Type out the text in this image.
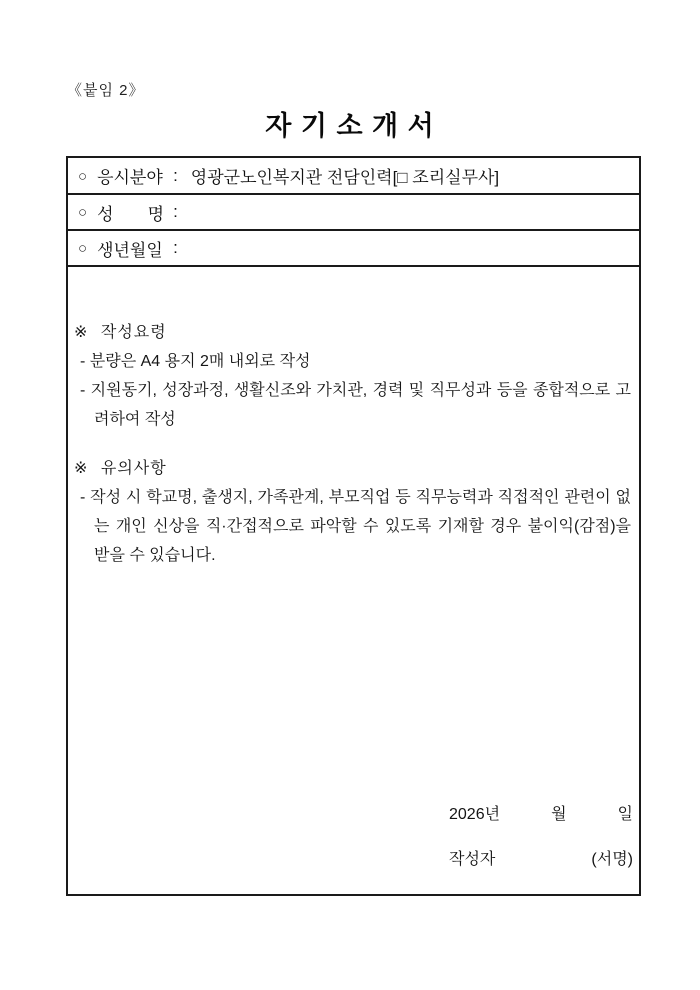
《붙임 2》
자 기 소 개 서
○ 응시분야 : 영광군노인복지관 전담인력[□ 조리실무사]
○ 성 명 :
○ 생년월일 :
※ 작성요령
- 분량은 A4 용지 2매 내외로 작성
- 지원동기, 성장과정, 생활신조와 가치관, 경력 및 직무성과 등을 종합적으로 고려하여 작성
※ 유의사항
- 작성 시 학교명, 출생지, 가족관계, 부모직업 등 직무능력과 직접적인 관련이 없는 개인 신상을 직·간접적으로 파악할 수 있도록 기재할 경우 불이익(감점)을 받을 수 있습니다.
2026년	월	일
작성자	(서명)
